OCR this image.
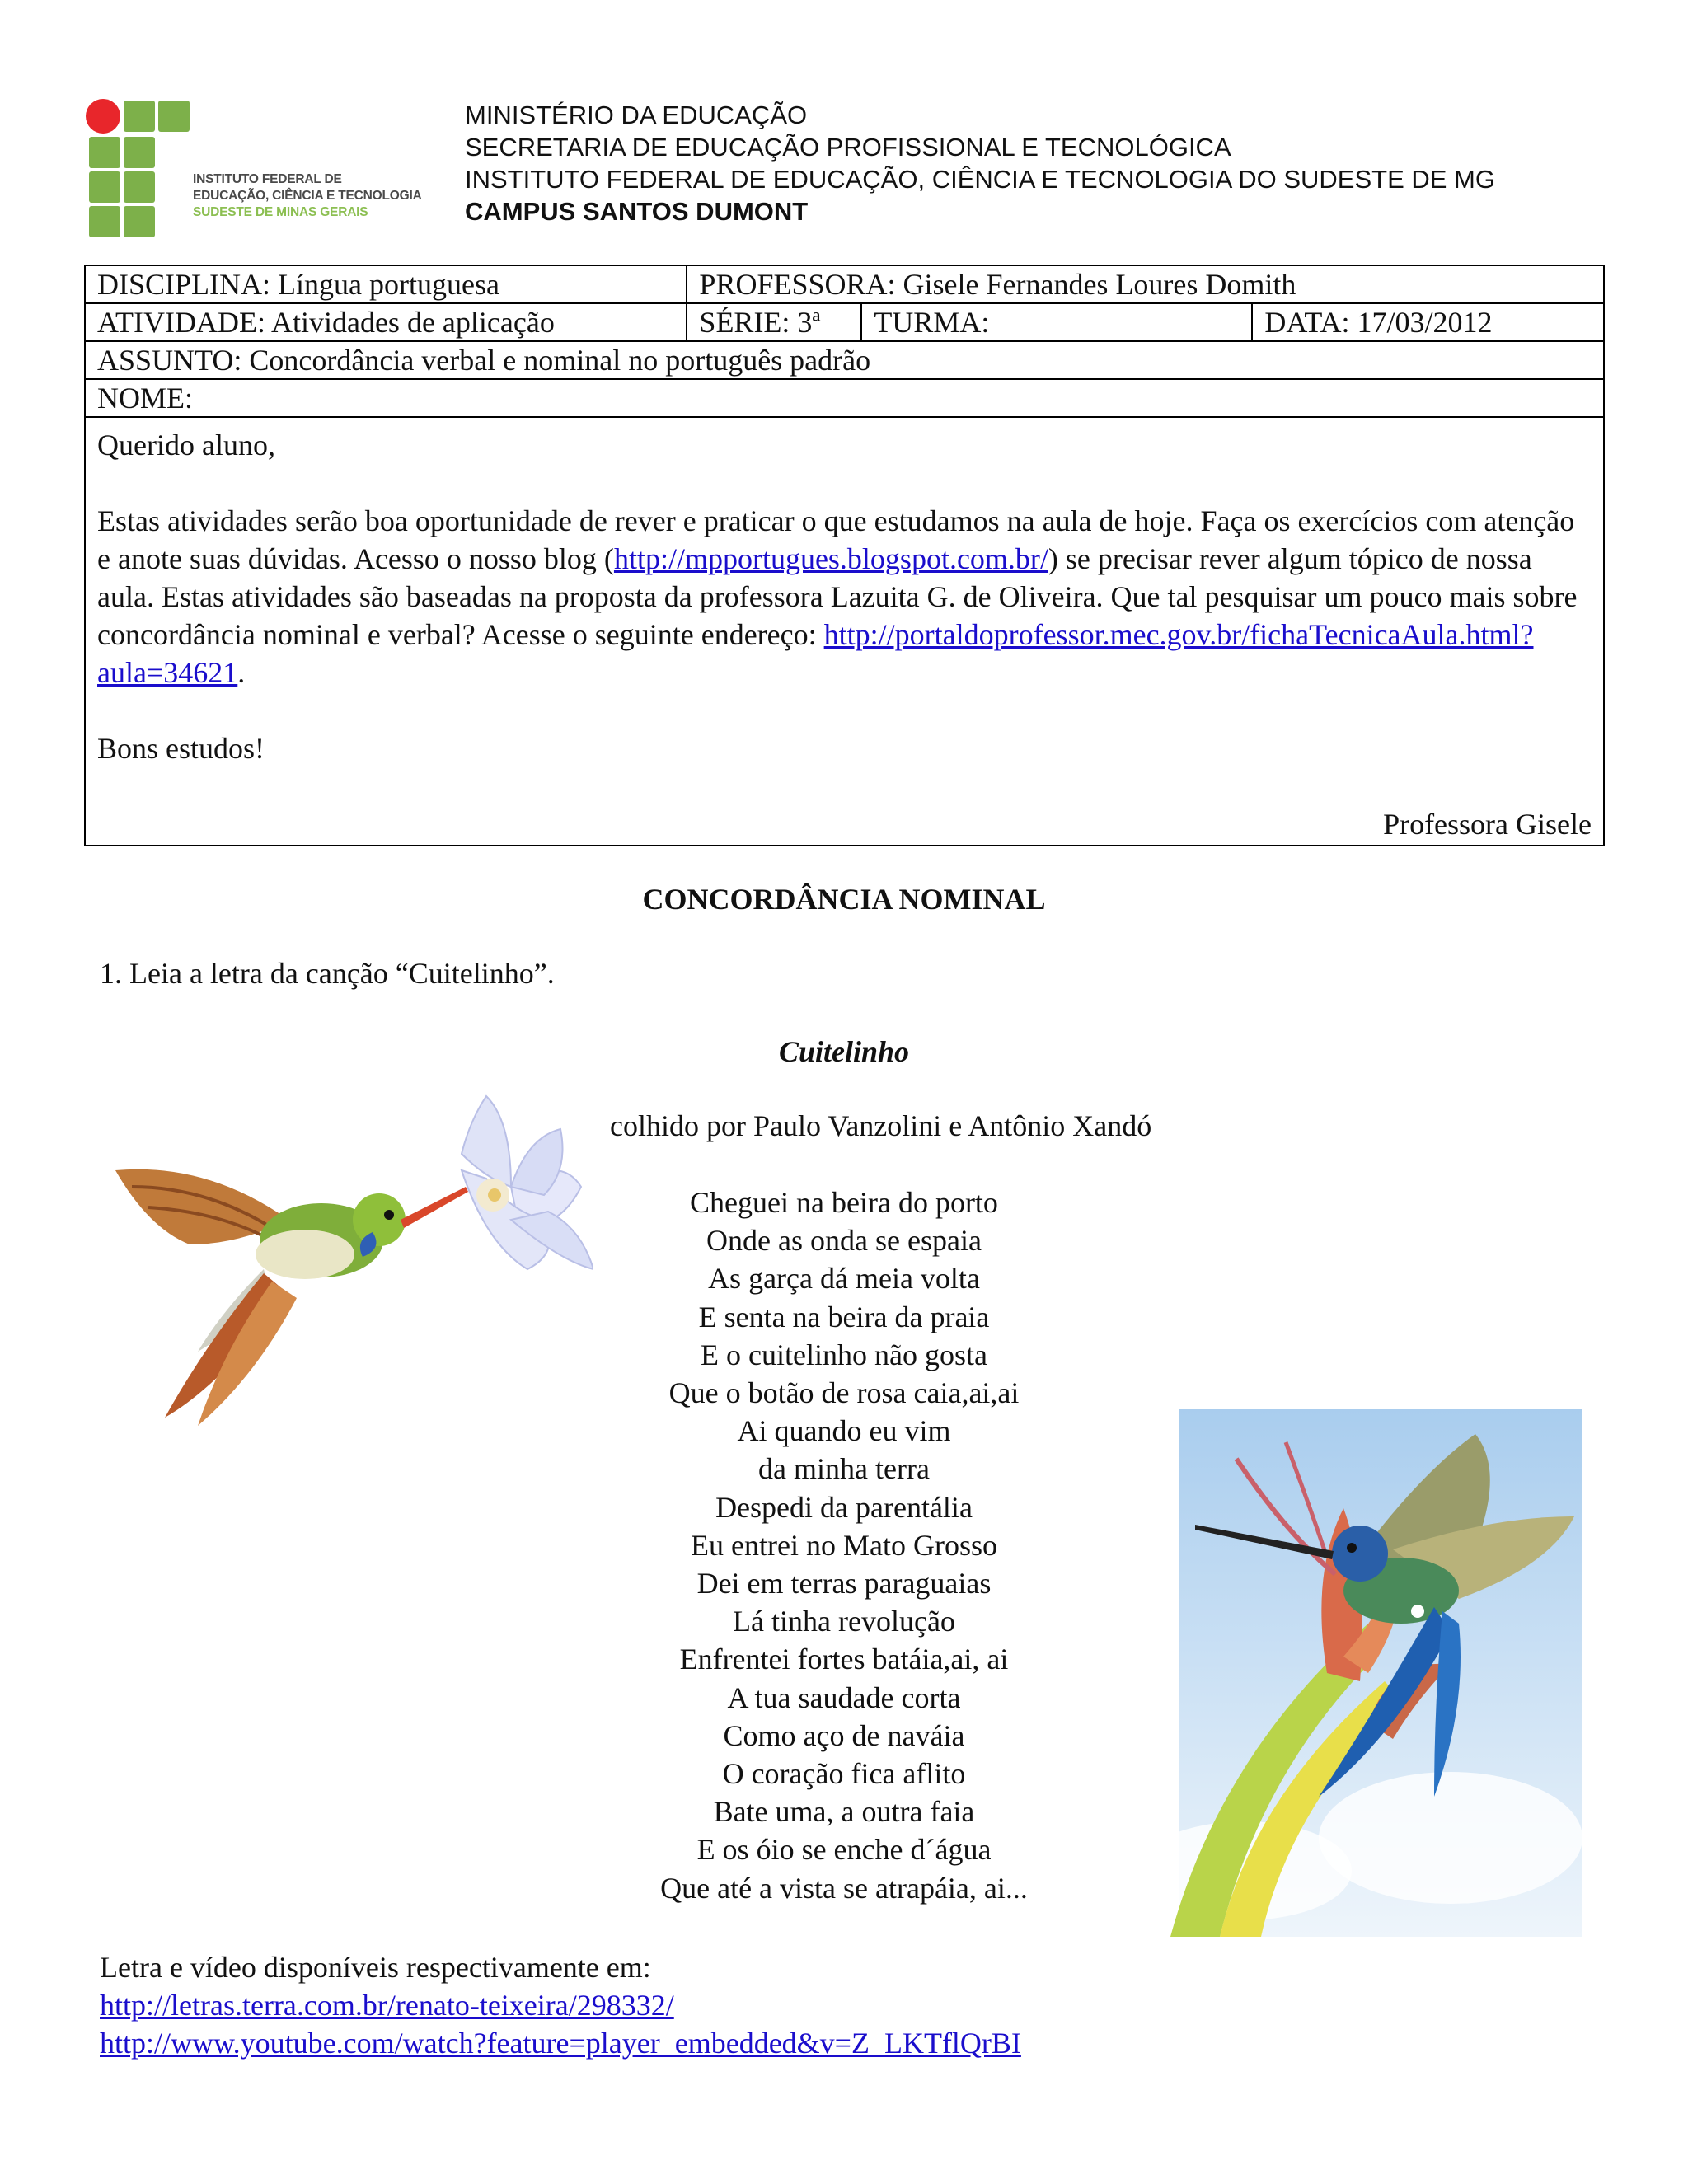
INSTITUTO FEDERAL DE
EDUCAÇÃO, CIÊNCIA E TECNOLOGIA
SUDESTE DE MINAS GERAIS
MINISTÉRIO DA EDUCAÇÃO
SECRETARIA DE EDUCAÇÃO PROFISSIONAL E TECNOLÓGICA
INSTITUTO FEDERAL DE EDUCAÇÃO, CIÊNCIA E TECNOLOGIA DO SUDESTE DE MG
CAMPUS SANTOS DUMONT
DISCIPLINA: Língua portuguesa	PROFESSORA: Gisele Fernandes Loures Domith		
ATIVIDADE: Atividades de aplicação	SÉRIE: 3ª	TURMA:	DATA: 17/03/2012
ASSUNTO: Concordância verbal e nominal no português padrão			
NOME:			

Querido aluno,

Estas atividades serão boa oportunidade de rever e praticar o que estudamos na aula de hoje. Faça os exercícios com atenção e anote suas dúvidas. Acesso o nosso blog (http://mpportugues.blogspot.com.br/) se precisar rever algum tópico de nossa aula. Estas atividades são baseadas na proposta da professora Lazuita G. de Oliveira. Que tal pesquisar um pouco mais sobre concordância nominal e verbal? Acesse o seguinte endereço: http://portaldoprofessor.mec.gov.br/fichaTecnicaAula.html?aula=34621.

Bons estudos!

Professora Gisele			

CONCORDÂNCIA NOMINAL
1. Leia a letra da canção “Cuitelinho”.
Cuitelinho
colhido por Paulo Vanzolini e Antônio Xandó
Cheguei na beira do porto
Onde as onda se espaia
As garça dá meia volta
E senta na beira da praia
E o cuitelinho não gosta
Que o botão de rosa caia,ai,ai
Ai quando eu vim
da minha terra
Despedi da parentália
Eu entrei no Mato Grosso
Dei em terras paraguaias
Lá tinha revolução
Enfrentei fortes batáia,ai, ai
A tua saudade corta
Como aço de naváia
O coração fica aflito
Bate uma, a outra faia
E os óio se enche d´água
Que até a vista se atrapáia, ai...
Letra e vídeo disponíveis respectivamente em:
http://letras.terra.com.br/renato-teixeira/298332/
http://www.youtube.com/watch?feature=player_embedded&v=Z_LKTflQrBI
